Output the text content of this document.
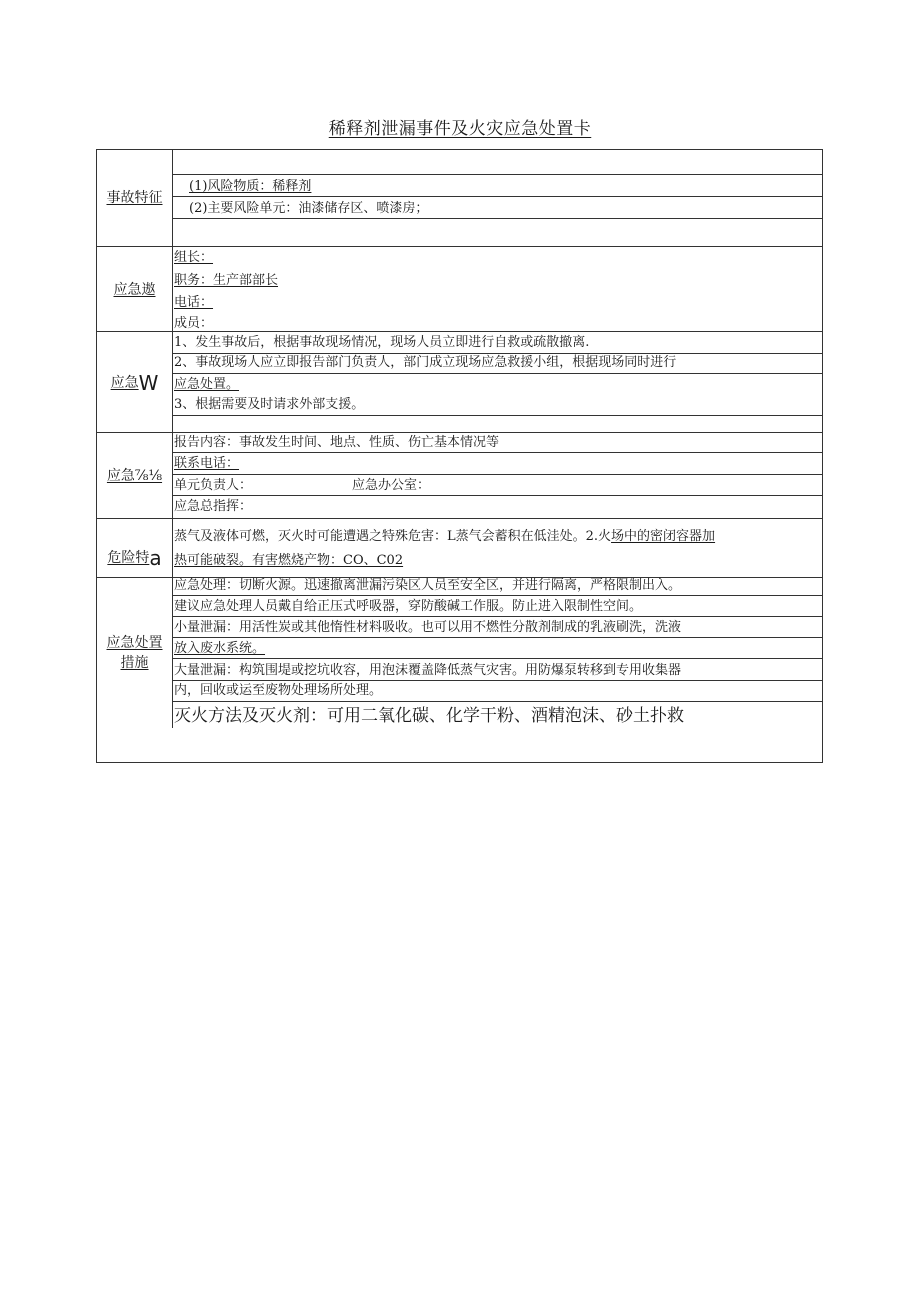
稀释剂泄漏事件及火灾应急处置卡
事故特征
(1)风险物质：稀释剂
(2)主要风险单元：油漆储存区、喷漆房；
应急遨
组长：
职务：生产部部长
电话：
成员：
应急 W
1、发生事故后，根据事故现场情况，现场人员立即进行自救或疏散撤离.
2、事故现场人应立即报告部门负责人，部门成立现场应急救援小组，根据现场同时进行
应急处置。
3、根据需要及时请求外部支援。
应急⅞⅛
报告内容：事故发生时间、地点、性质、伤亡基本情况等
联系电话：
单元负责人：	应急办公室：
应急总指挥：
危险特 a
蒸气及液体可燃，灭火时可能遭遇之特殊危害：L蒸气会蓄积在低洼处。2.火场中的密闭容器加
热可能破裂。有害燃烧产物：CO、C02
应急处置措施
应急处理：切断火源。迅速撤离泄漏污染区人员至安全区，并进行隔离，严格限制出入。
建议应急处理人员戴自给正压式呼吸器，穿防酸碱工作服。防止进入限制性空间。
小量泄漏：用活性炭或其他惰性材料吸收。也可以用不燃性分散剂制成的乳液刷洗，洗液
放入废水系统。
大量泄漏：构筑围堤或挖坑收容，用泡沫覆盖降低蒸气灾害。用防爆泵转移到专用收集器
内，回收或运至废物处理场所处理。
灭火方法及灭火剂：可用二氧化碳、化学干粉、酒精泡沫、砂土扑救
